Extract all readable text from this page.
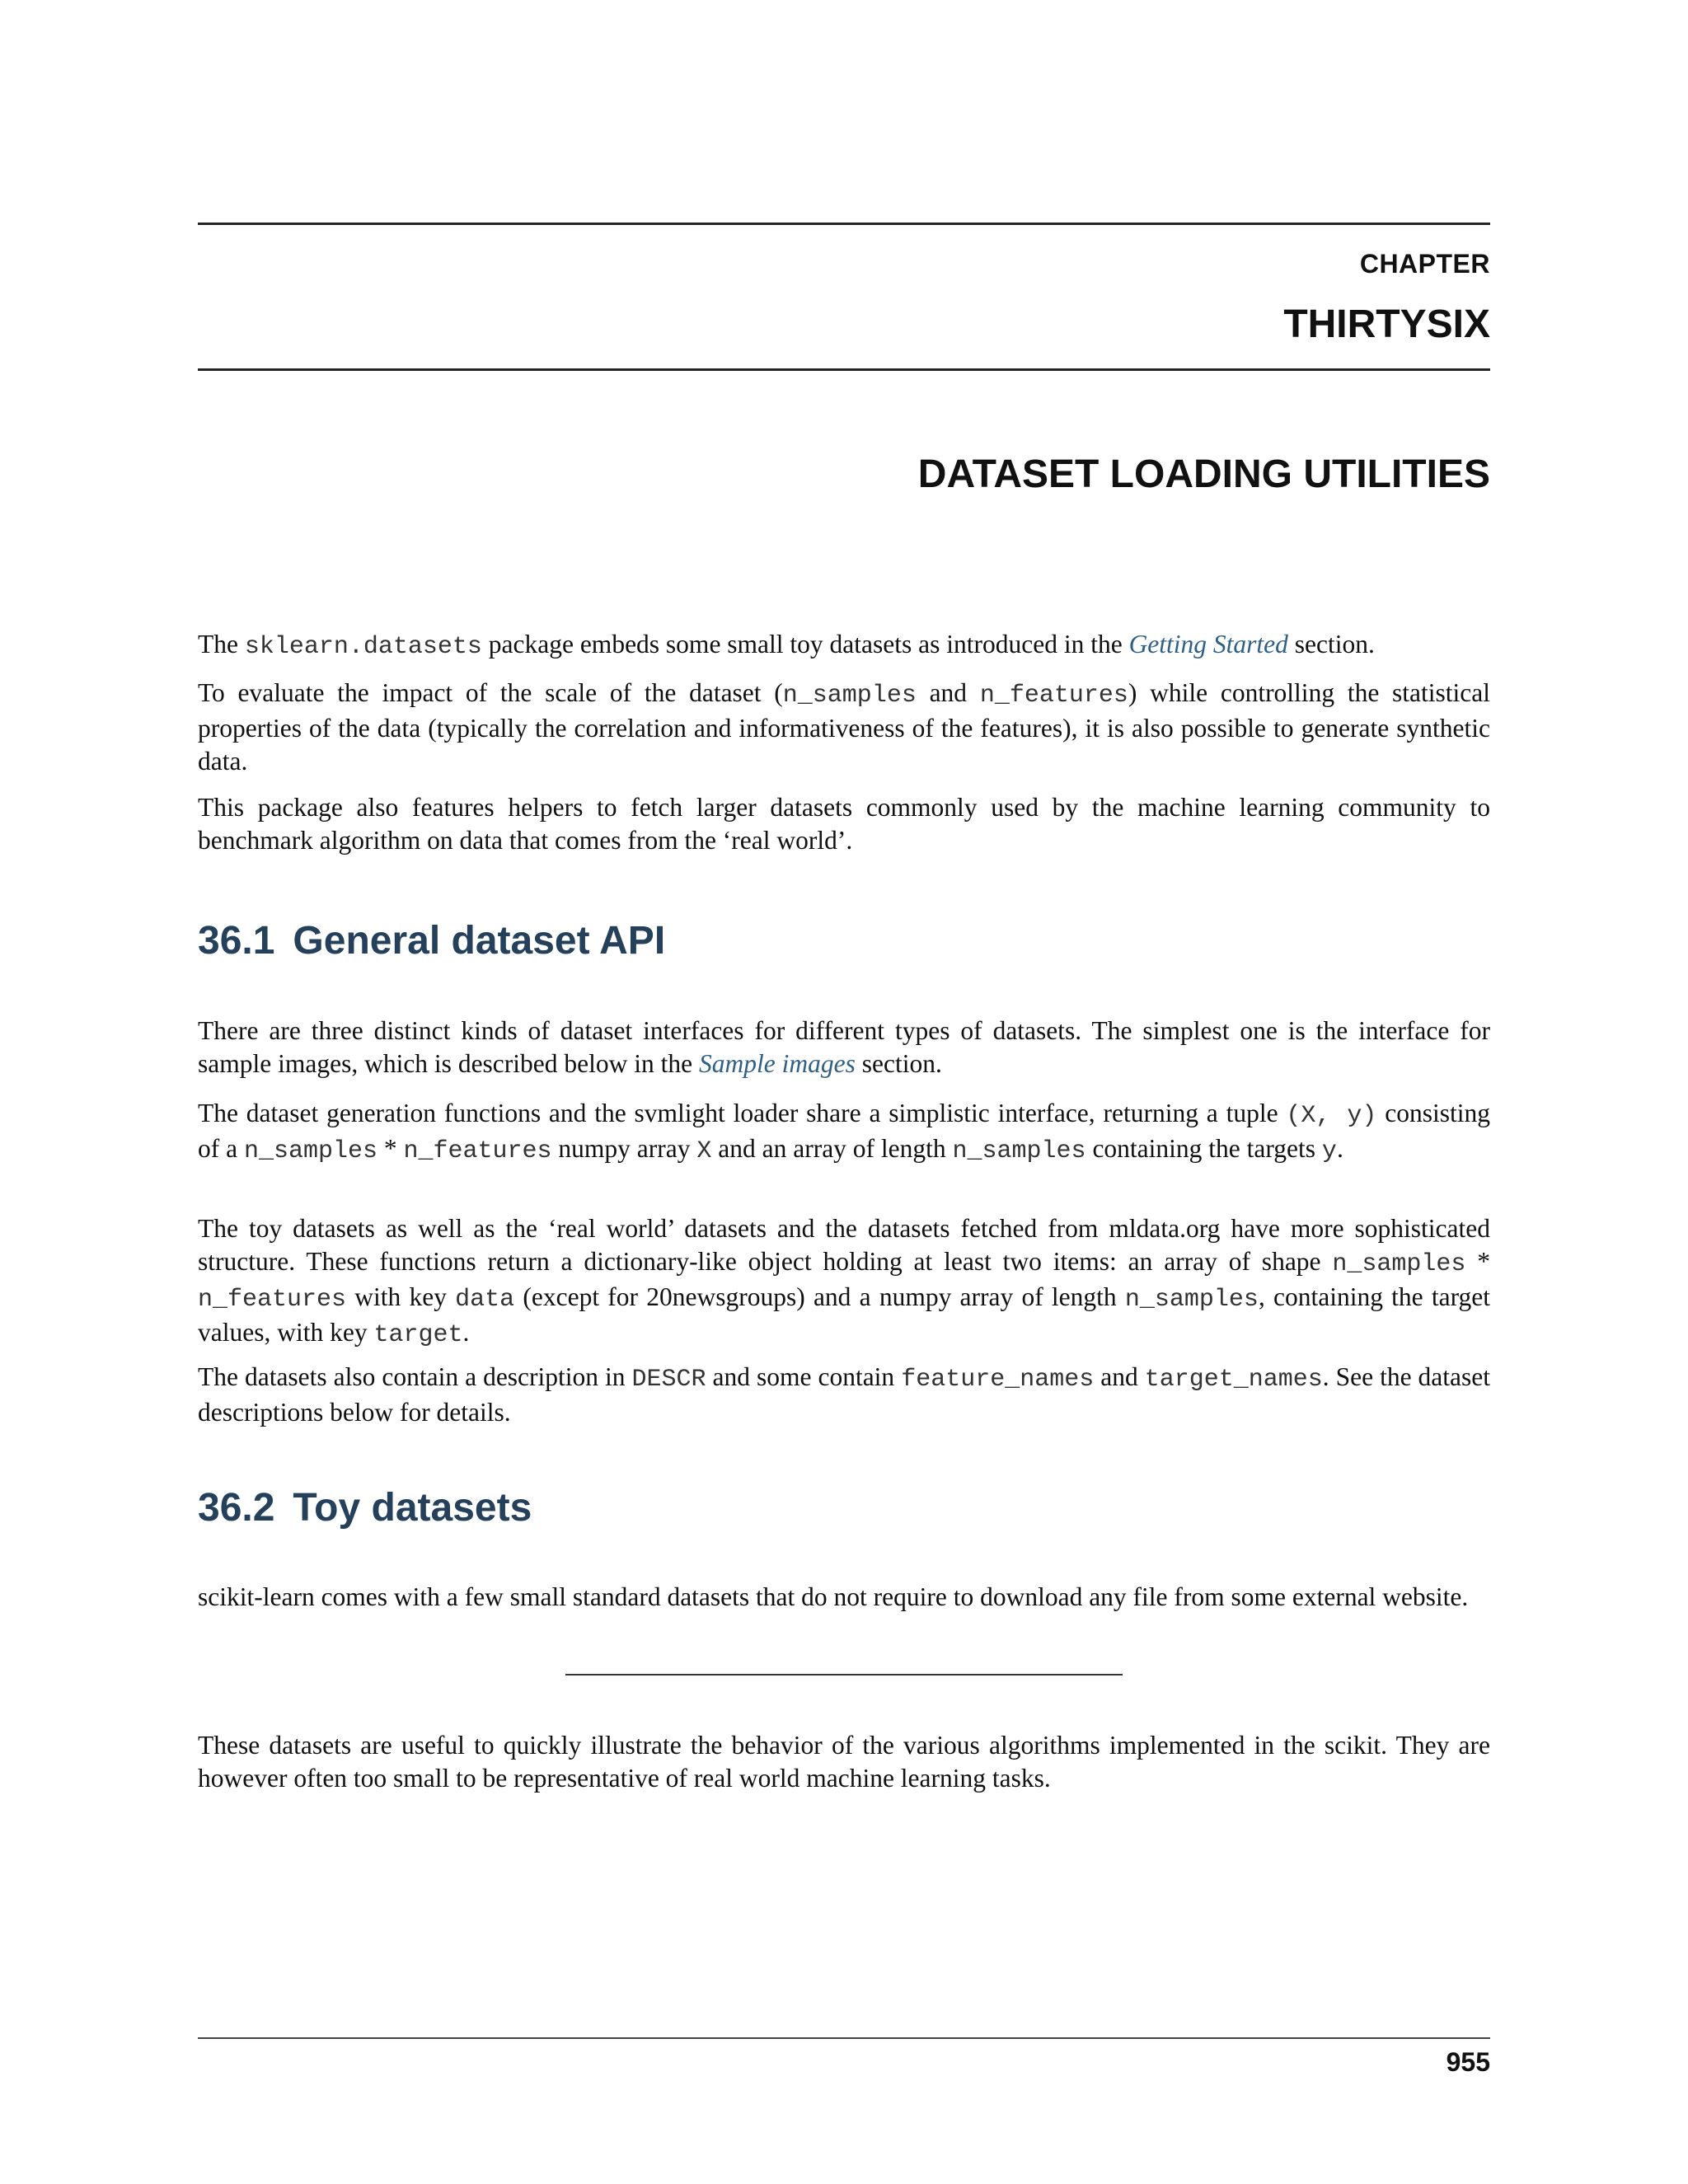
CHAPTER
THIRTYSIX
DATASET LOADING UTILITIES

The sklearn.datasets package embeds some small toy datasets as introduced in the Getting Started section.

To evaluate the impact of the scale of the dataset (n_samples and n_features) while controlling the statistical properties of the data (typically the correlation and informativeness of the features), it is also possible to generate synthetic data.

This package also features helpers to fetch larger datasets commonly used by the machine learning community to benchmark algorithm on data that comes from the ‘real world’.

36.1 General dataset API

There are three distinct kinds of dataset interfaces for different types of datasets. The simplest one is the interface for sample images, which is described below in the Sample images section.

The dataset generation functions and the svmlight loader share a simplistic interface, returning a tuple (X, y) consisting of a n_samples * n_features numpy array X and an array of length n_samples containing the targets y.

The toy datasets as well as the ‘real world’ datasets and the datasets fetched from mldata.org have more sophisticated structure. These functions return a dictionary-like object holding at least two items: an array of shape n_samples * n_features with key data (except for 20newsgroups) and a numpy array of length n_samples, containing the target values, with key target.

The datasets also contain a description in DESCR and some contain feature_names and target_names. See the dataset descriptions below for details.

36.2 Toy datasets

scikit-learn comes with a few small standard datasets that do not require to download any file from some external website.

These datasets are useful to quickly illustrate the behavior of the various algorithms implemented in the scikit. They are however often too small to be representative of real world machine learning tasks.

955
